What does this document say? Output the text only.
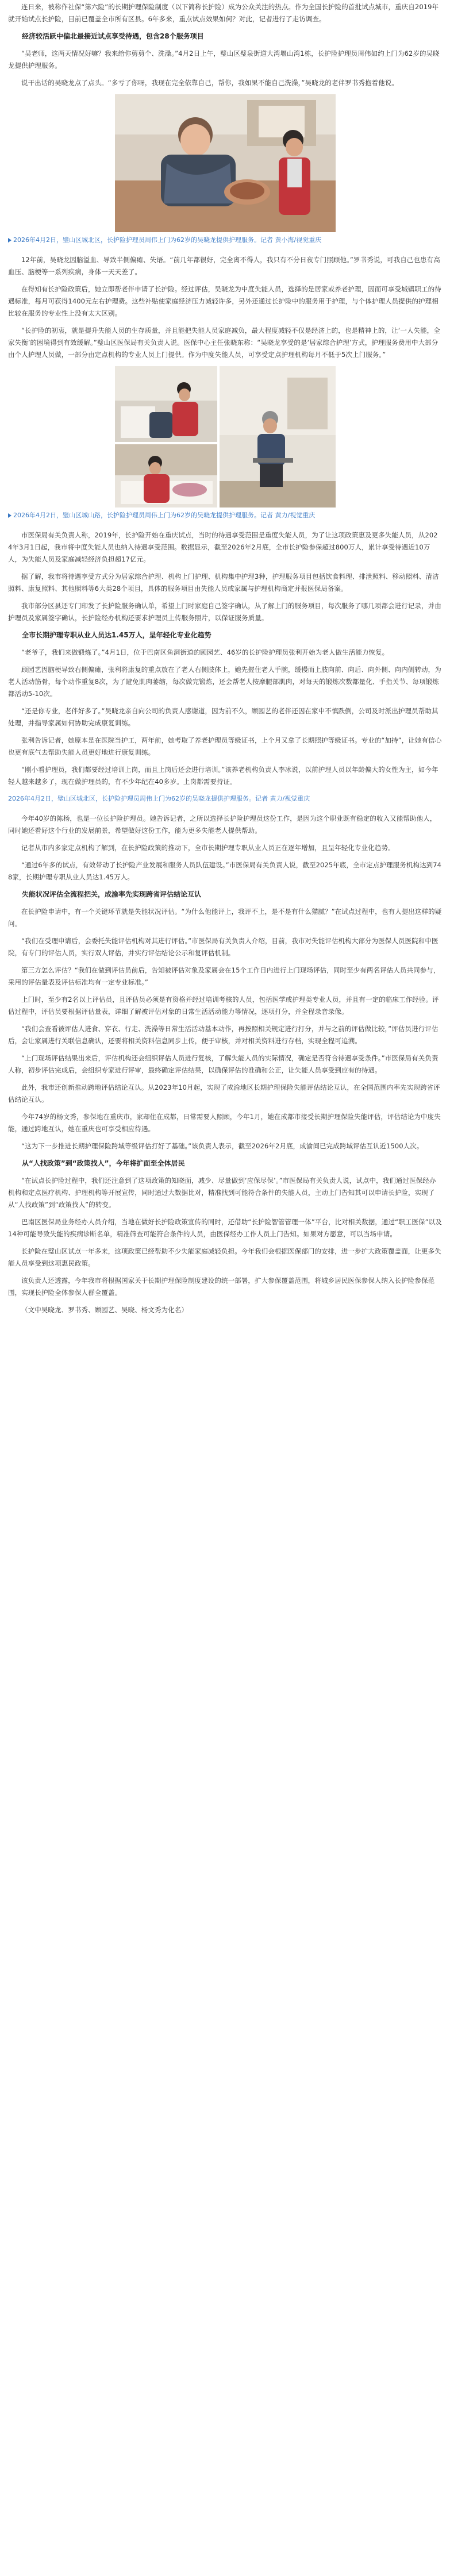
连日来，被称作社保“第六险”的长期护理保险制度（以下简称长护险）成为公众关注的热点。作为全国长护险的首批试点城市，重庆自2019年就开始试点长护险，目前已覆盖全市所有区县。6年多来，重点试点效果如何？对此，记者进行了走访调查。

经济较活跃中偏北最接近试点享受待遇，包含28个服务项目

“吴老师，这两天情况好嘛？我来给你剪剪个、洗澡。”4月2日上午，璧山区璧泉街道大湾堰山湾1栋，长护险护理员周伟如约上门为62岁的吴晓龙提供护理服务。

说干出话的吴晓龙点了点头。“多亏了你呀，我现在完全依靠自己，帮你，我如果不能自己洗澡，”吴晓龙的老伴罗书秀抱着他说。

2026年4月2日，璧山区城北区，长护险护理员周伟上门为62岁的吴晓龙提供护理服务。记者 黄小海/视觉重庆

12年前，吴晓龙因脑溢血、导致半侧偏瘫、失语。“前几年都很好，完全离不得人，我只有不分日夜专门照顾他。”罗书秀说，可我自己也患有高血压、脑梗等一系列疾病，身体一天天差了。

在得知有长护险政策后，她立即帮老伴申请了长护险。经过评估，吴晓龙为中度失能人员，选择的是居家或养老护理，因而可享受城镇职工的待遇标准，每月可获得1400元左右护理费。这些补贴使家庭经济压力减轻许多，另外还通过长护险中的服务用于护理，与个体护理人员提供的护理相比较在服务的专业性上没有太大区别。

“长护险的初衷，就是提升失能人员的生存质量，并且能把失能人员家庭减负，最大程度减轻不仅是经济上的，也是精神上的，让‘一人失能，全家失衡’的困境得到有效缓解。”璧山区医保局有关负责人说。医保中心主任张晓东称：“吴晓龙享受的是‘居家综合护理’方式，护理服务费用中大部分由个人护理人员做，一部分由定点机构的专业人员上门提供。作为中度失能人员，可享受定点护理机构每月不低于5次上门服务。”

2026年4月2日，璧山区城山路，长护险护理员周伟上门为62岁的吴晓龙提供护理服务。记者 黄力/视觉重庆

市医保局有关负责人称，2019年，长护险开始在重庆试点，当时的待遇享受范围是重度失能人员，为了让这项政策惠及更多失能人员，从2024年3月1日起，我市将中度失能人员也纳入待遇享受范围。数据显示，截至2026年2月底，全市长护险参保超过800万人，累计享受待遇近10万人，为失能人员及家庭减轻经济负担超17亿元。

据了解，我市将待遇享受方式分为居家综合护理、机构上门护理、机构集中护理3种，护理服务项目包括饮食料理、排泄照料、移动照料、清洁照料、康复照料、其他照料等6大类28个项目，具体的服务项目由失能人员或家属与护理机构商定并报医保局备案。

我市部分区县还专门印发了长护险服务确认单，希望上门时家庭自己签字确认，从了解上门的服务项目，每次服务了哪几项都会进行记录，并由护理员及家属签字确认，长护险经办机构还要求护理员上传服务照片，以保证服务质量。

全市长期护理专职从业人员达1.45万人，呈年轻化专业化趋势

“老爷子，我们来做锻炼了。”4月1日，位于巴南区鱼洞街道的顾园艺、46岁的长护险护理员张利开始为老人做生活能力恢复。

顾园艺因脑梗导致右侧偏瘫，张利将康复的重点放在了老人右侧肢体上，她先握住老人手腕，缓慢而上肢向前、向后、向外侧、向内侧转动，为老人活动筋骨，每个动作重复8次，为了避免肌肉萎缩，每次做完锻炼，还会帮老人按摩腿部肌肉，对每天的锻炼次数都量化、手指关节、每项锻炼都活动5-10次。

“还是你专业，老伴好多了。”吴晓龙亲自向公司的负责人感谢道，因为前不久，顾园艺的老伴还因在家中不慎跌倒，公司及时派出护理员帮助其处理，并指导家属如何协助完成康复训练。

张利告诉记者，她原本是在医院当护工，两年前，她考取了养老护理员等级证书，上个月又拿了长期照护等级证书。专业的“加持”，让她有信心也更有底气去帮助失能人员更好地进行康复训练。

“刚小看护理员，我们都要经过培训上岗，而且上岗后还会进行培训。”该养老机构负责人李冰说，以前护理人员以年龄偏大的女性为主，如今年轻人越来越多了，现在做护理员的，有不少年纪在40多岁。上岗都需要持证。

2026年4月2日，璧山区城北区，长护险护理员周伟上门为62岁的吴晓龙提供护理服务。记者 黄力/视觉重庆

今年40岁的陈杨，也是一位长护险护理员。她告诉记者，之所以选择长护险护理员这份工作，是因为这个职业既有稳定的收入又能帮助他人，同时她还看好这个行业的发展前景，希望做好这份工作，能为更多失能老人提供帮助。

记者从市内多家定点机构了解到，在长护险政策的推动下，全市长期护理专职从业人员正在逐年增加，且呈年轻化专业化趋势。

“通过6年多的试点，有效带动了长护险产业发展和服务人员队伍建设。”市医保局有关负责人说，截至2025年底，全市定点护理服务机构达到748家，长期护理专职从业人员达1.45万人。

失能状况评估全流程把关，成渝率先实现跨省评估结论互认

在长护险申请中，有一个关键环节就是失能状况评估。“为什么他能评上，我评不上，是不是有什么猫腻？”在试点过程中，也有人提出这样的疑问。

“我们在受理申请后，会委托失能评估机构对其进行评估。”市医保局有关负责人介绍，目前，我市对失能评估机构大部分为医保人员医院和中医院，有专门的评估人员，实行双人评估，并实行评估结论公示和复评估机制。

第三方怎么评估？“我们在做到评估员前后，告知被评估对象及家属会在15个工作日内进行上门现场评估，同时至少有两名评估人员共同参与，采用的评估量表及评估标准均有一定专业标准。”

上门时，至少有2名以上评估员，且评估员必须是有资格并经过培训考核的人员，包括医学或护理类专业人员，并且有一定的临床工作经验。评估过程中，评估员要根据评估量表，详细了解被评估对象的日常生活活动能力等情况，逐项打分，并全程录音录像。

“我们会查看被评估人进食、穿衣、行走、洗澡等日常生活活动基本动作，再按照相关规定进行打分，并与之前的评估做比较，”评估员进行评估后，会让家属进行关联信息确认，还要将相关资料信息同步上传，便于审核，并对相关资料进行存档，实现全程可追溯。

“上门现场评估结果出来后，评估机构还会组织评估人员进行复核，了解失能人员的实际情况，确定是否符合待遇享受条件。”市医保局有关负责人称，初步评估完成后，会组织专家进行评审，最终确定评估结果，以确保评估的准确和公正，让失能人员享受到应有的待遇。

此外，我市还创新推动跨地评估结论互认。从2023年10月起，实现了成渝地区长期护理保险失能评估结论互认，在全国范围内率先实现跨省评估结论互认。

今年74岁的杨文秀，参保地在重庆市，家却住在成都，日常需要人照顾，今年1月，她在成都市接受长期护理保险失能评估，评估结论为中度失能，通过跨地互认，她在重庆也可享受相应待遇。

“这为下一步推进长期护理保险跨域等级评估打好了基础。”该负责人表示，截至2026年2月底，成渝间已完成跨域评估互认近1500人次。

从“人找政策”到“政策找人”，今年将扩面至全体居民

“在试点长护险过程中，我们还注意到了这项政策的知晓面，减少、尽量做到‘应保尽保’。”市医保局有关负责人说，试点中，我们通过医保经办机构和定点医疗机构、护理机构等开展宣传，同时通过大数据比对，精准找到可能符合条件的失能人员，主动上门告知其可以申请长护险，实现了从“人找政策”到“政策找人”的转变。

巴南区医保局业务经办人员介绍，当地在做好长护险政策宣传的同时，还借助“长护险智管管理一体”平台，比对相关数据，通过“职工医保”以及14种可能导致失能的疾病诊断名单，精准筛查可能符合条件的人员，由医保经办工作人员上门告知。如果对方愿意，可以当场申请。

长护险在璧山区试点一年多来，这项政策已经帮助不少失能家庭减轻负担。今年我们会根据医保部门的安排，进一步扩大政策覆盖面，让更多失能人员享受到这项惠民政策。

该负责人还透露，今年我市将根据国家关于长期护理保险制度建设的统一部署，扩大参保覆盖范围，将城乡居民医保参保人纳入长护险参保范围，实现长护险全体参保人群全覆盖。

（文中吴晓龙、罗书秀、顾园艺、吴晓、杨文秀为化名）
